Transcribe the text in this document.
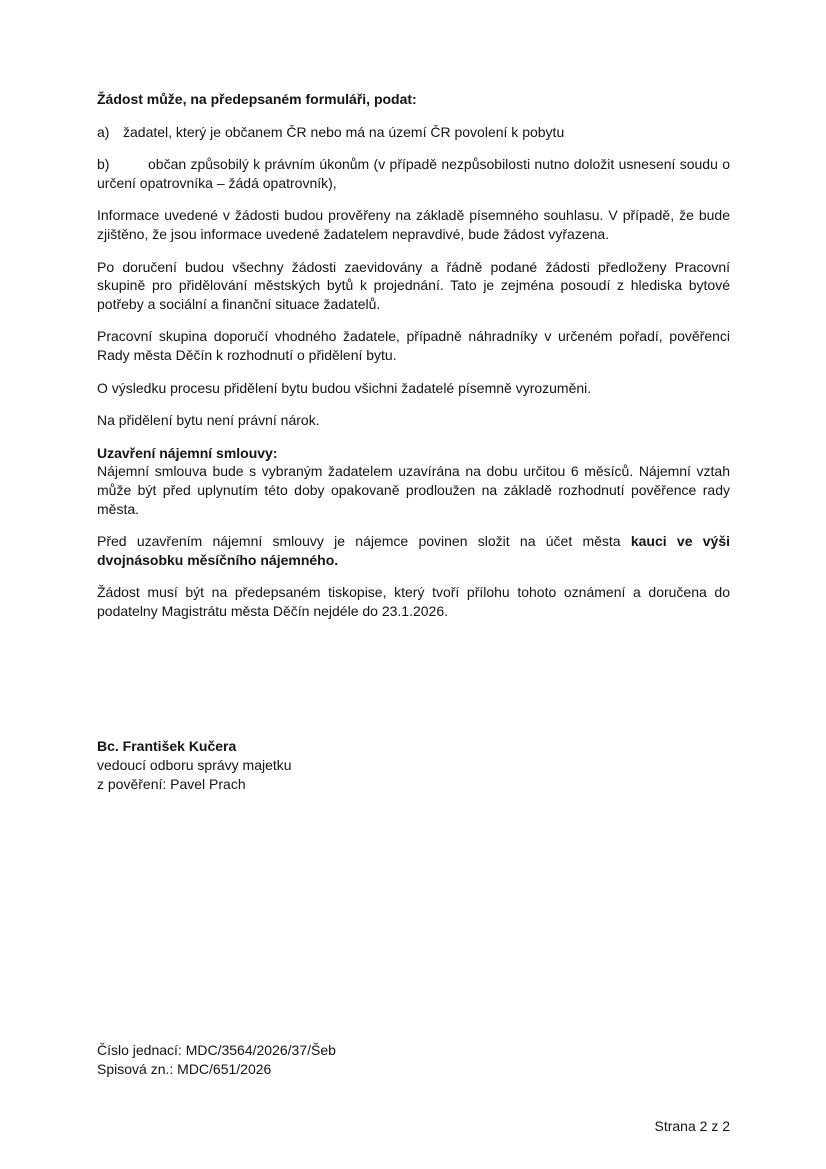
Žádost může, na předepsaném formuláři, podat:
a) žadatel, který je občanem ČR nebo má na území ČR povolení k pobytu
b)	občan způsobilý k právním úkonům (v případě nezpůsobilosti nutno doložit usnesení soudu o určení opatrovníka – žádá opatrovník),
Informace uvedené v žádosti budou prověřeny na základě písemného souhlasu. V případě, že bude zjištěno, že jsou informace uvedené žadatelem nepravdivé, bude žádost vyřazena.
Po doručení budou všechny žádosti zaevidovány a řádně podané žádosti předloženy Pracovní skupině pro přidělování městských bytů k projednání. Tato je zejména posoudí z hlediska bytové potřeby a sociální a finanční situace žadatelů.
Pracovní skupina doporučí vhodného žadatele, případně náhradníky v určeném pořadí, pověřenci Rady města Děčín k rozhodnutí o přidělení bytu.
O výsledku procesu přidělení bytu budou všichni žadatelé písemně vyrozuměni.
Na přidělení bytu není právní nárok.
Uzavření nájemní smlouvy:
Nájemní smlouva bude s vybraným žadatelem uzavírána na dobu určitou 6 měsíců. Nájemní vztah může být před uplynutím této doby opakovaně prodloužen na základě rozhodnutí pověřence rady města.
Před uzavřením nájemní smlouvy je nájemce povinen složit na účet města kauci ve výši dvojnásobku měsíčního nájemného.
Žádost musí být na předepsaném tiskopise, který tvoří přílohu tohoto oznámení a doručena do podatelny Magistrátu města Děčín nejdéle do 23.1.2026.
Bc. František Kučera
vedoucí odboru správy majetku
z pověření: Pavel Prach
Číslo jednací: MDC/3564/2026/37/Šeb
Spisová zn.: MDC/651/2026
Strana 2 z 2
